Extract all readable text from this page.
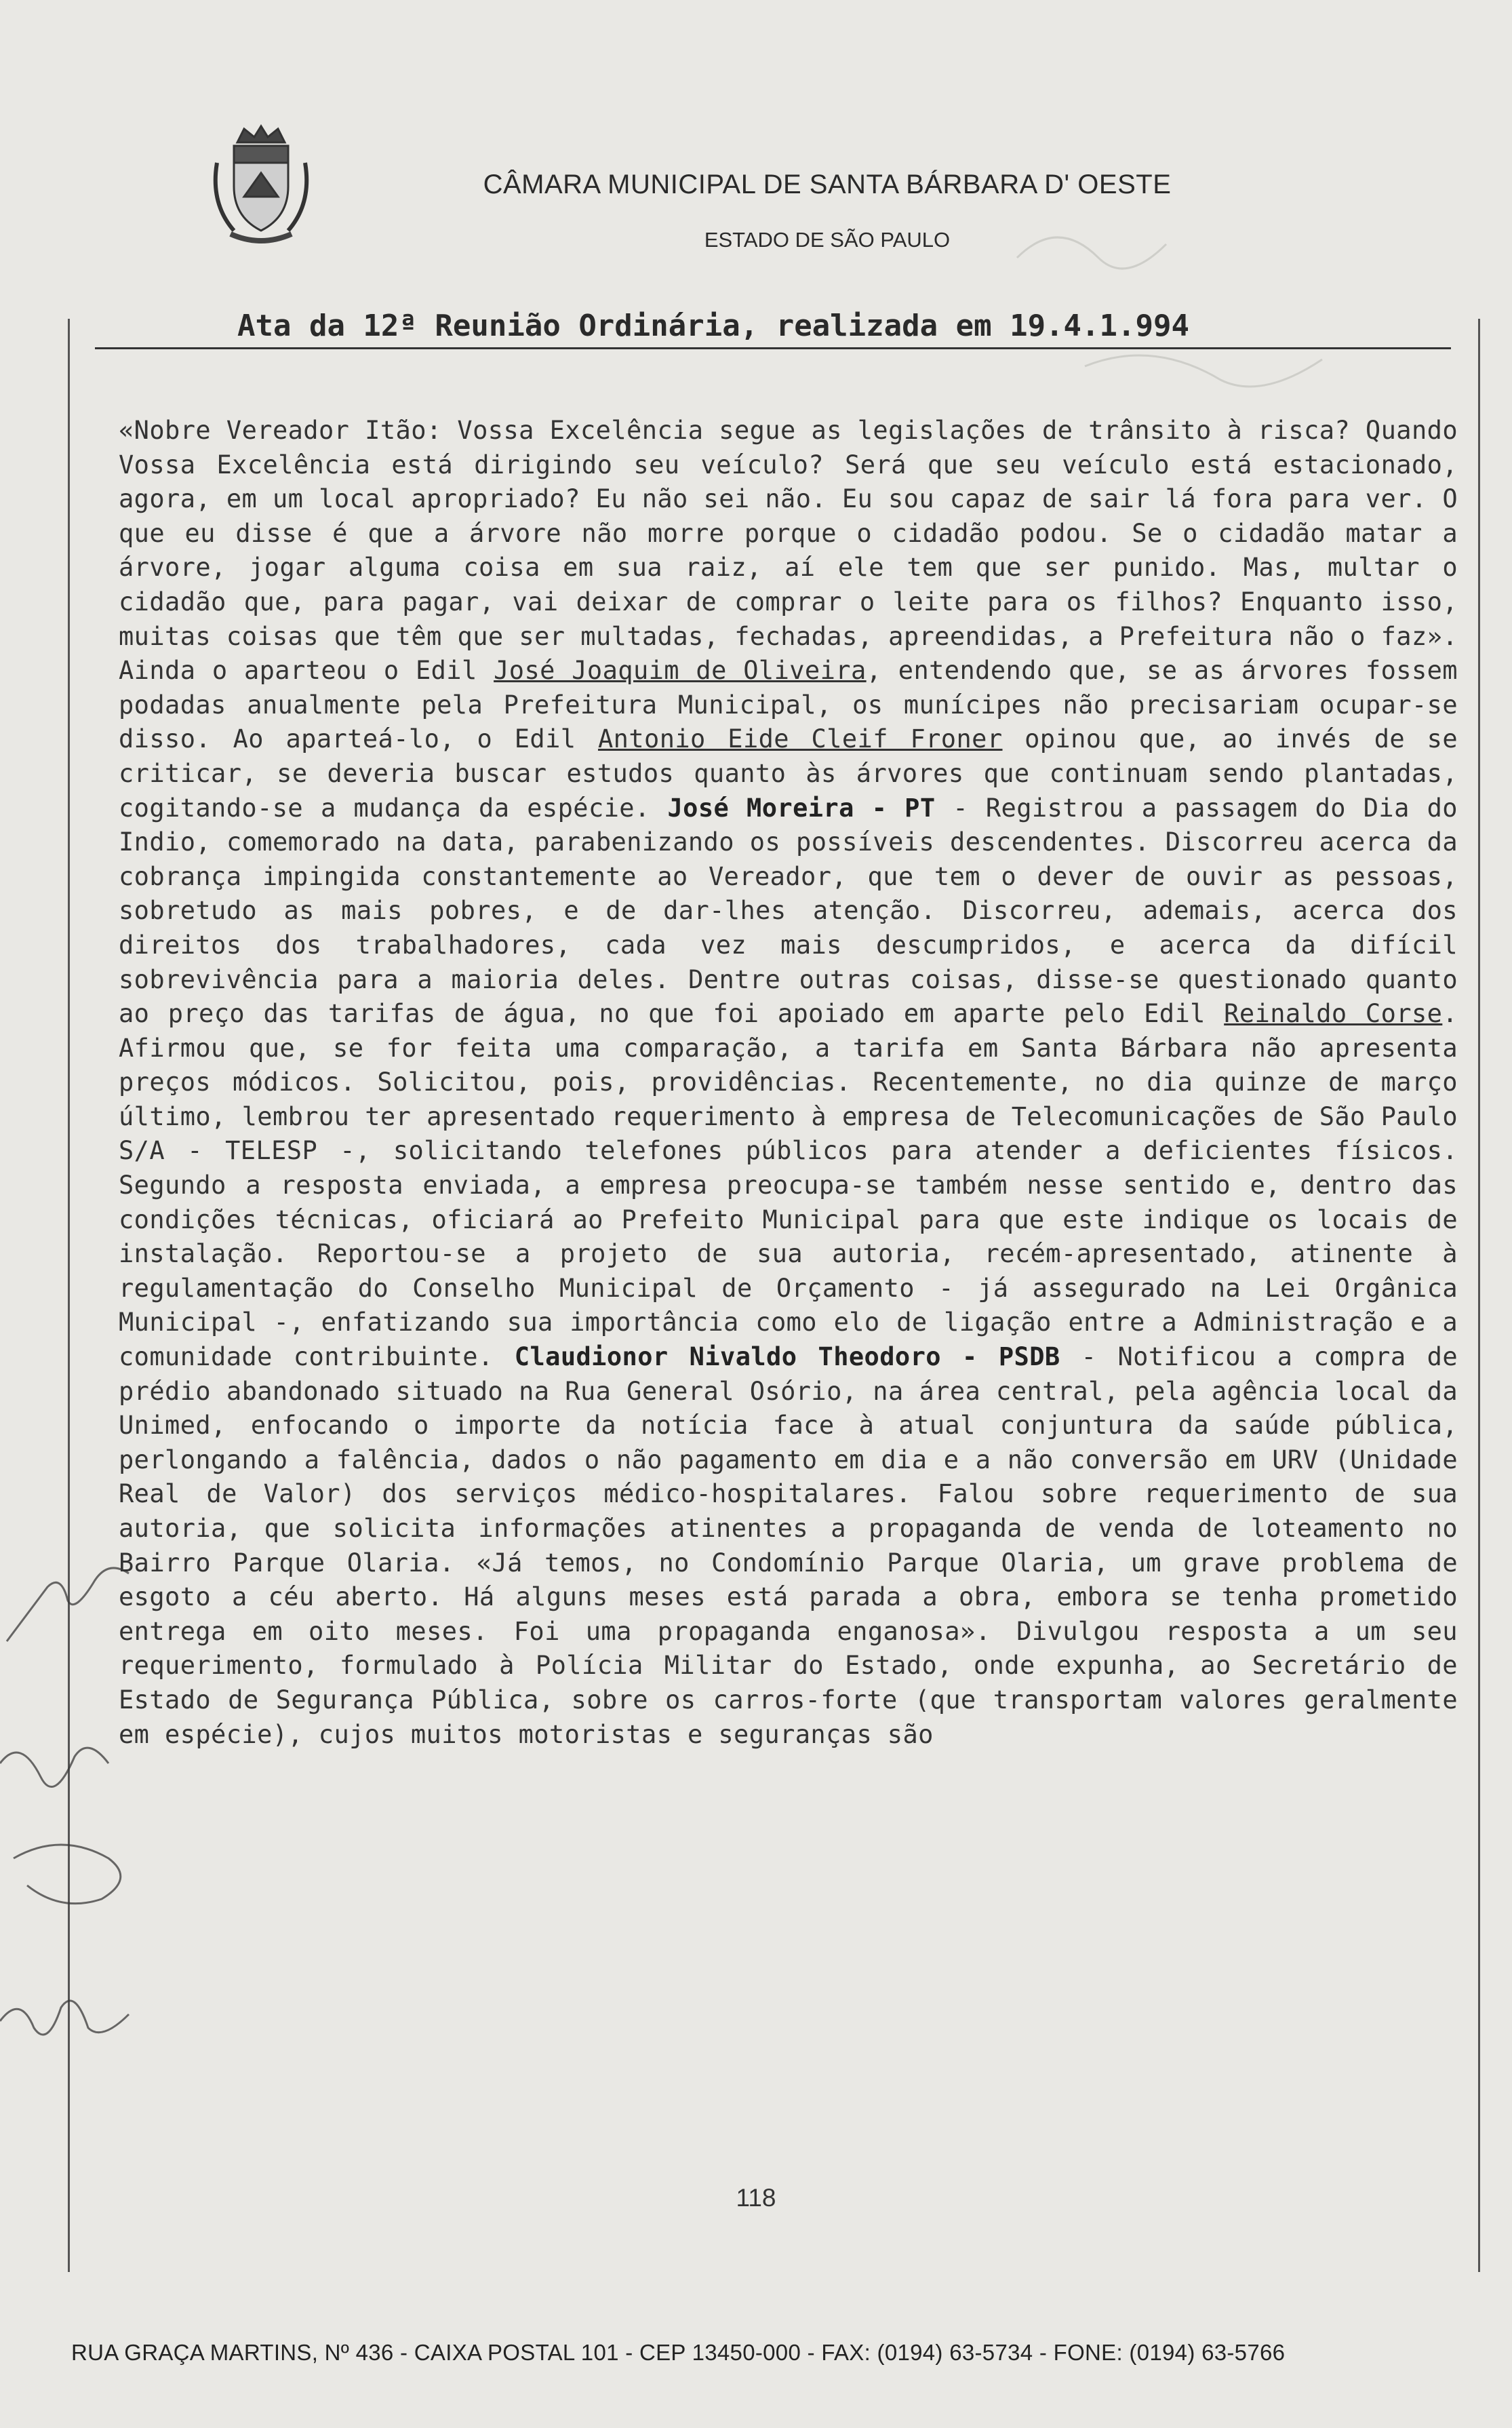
CÂMARA MUNICIPAL DE SANTA BÁRBARA D' OESTE
ESTADO DE SÃO PAULO
Ata da 12ª Reunião Ordinária, realizada em 19.4.1.994

«Nobre Vereador Itão: Vossa Excelência segue as legislações de trânsito à risca? Quando Vossa Excelência está dirigindo seu veículo? Será que seu veículo está estacionado, agora, em um local apropriado? Eu não sei não. Eu sou capaz de sair lá fora para ver. O que eu disse é que a árvore não morre porque o cidadão podou. Se o cidadão matar a árvore, jogar alguma coisa em sua raiz, aí ele tem que ser punido. Mas, multar o cidadão que, para pagar, vai deixar de comprar o leite para os filhos? Enquanto isso, muitas coisas que têm que ser multadas, fechadas, apreendidas, a Prefeitura não o faz». Ainda o aparteou o Edil José Joaquim de Oliveira, entendendo que, se as árvores fossem podadas anualmente pela Prefeitura Municipal, os munícipes não precisariam ocupar-se disso. Ao aparteá-lo, o Edil Antonio Eide Cleif Froner opinou que, ao invés de se criticar, se deveria buscar estudos quanto às árvores que continuam sendo plantadas, cogitando-se a mudança da espécie. José Moreira - PT - Registrou a passagem do Dia do Indio, comemorado na data, parabenizando os possíveis descendentes. Discorreu acerca da cobrança impingida constantemente ao Vereador, que tem o dever de ouvir as pessoas, sobretudo as mais pobres, e de dar-lhes atenção. Discorreu, ademais, acerca dos direitos dos trabalhadores, cada vez mais descumpridos, e acerca da difícil sobrevivência para a maioria deles. Dentre outras coisas, disse-se questionado quanto ao preço das tarifas de água, no que foi apoiado em aparte pelo Edil Reinaldo Corse. Afirmou que, se for feita uma comparação, a tarifa em Santa Bárbara não apresenta preços módicos. Solicitou, pois, providências. Recentemente, no dia quinze de março último, lembrou ter apresentado requerimento à empresa de Telecomunicações de São Paulo S/A - TELESP -, solicitando telefones públicos para atender a deficientes físicos. Segundo a resposta enviada, a empresa preocupa-se também nesse sentido e, dentro das condições técnicas, oficiará ao Prefeito Municipal para que este indique os locais de instalação. Reportou-se a projeto de sua autoria, recém-apresentado, atinente à regulamentação do Conselho Municipal de Orçamento - já assegurado na Lei Orgânica Municipal -, enfatizando sua importância como elo de ligação entre a Administração e a comunidade contribuinte. Claudionor Nivaldo Theodoro - PSDB - Notificou a compra de prédio abandonado situado na Rua General Osório, na área central, pela agência local da Unimed, enfocando o importe da notícia face à atual conjuntura da saúde pública, perlongando a falência, dados o não pagamento em dia e a não conversão em URV (Unidade Real de Valor) dos serviços médico-hospitalares. Falou sobre requerimento de sua autoria, que solicita informações atinentes a propaganda de venda de loteamento no Bairro Parque Olaria. «Já temos, no Condomínio Parque Olaria, um grave problema de esgoto a céu aberto. Há alguns meses está parada a obra, embora se tenha prometido entrega em oito meses. Foi uma propaganda enganosa». Divulgou resposta a um seu requerimento, formulado à Polícia Militar do Estado, onde expunha, ao Secretário de Estado de Segurança Pública, sobre os carros-forte (que transportam valores geralmente em espécie), cujos muitos motoristas e seguranças são

118
RUA GRAÇA MARTINS, Nº 436 - CAIXA POSTAL 101 - CEP 13450-000 - FAX: (0194) 63-5734 - FONE: (0194) 63-5766
